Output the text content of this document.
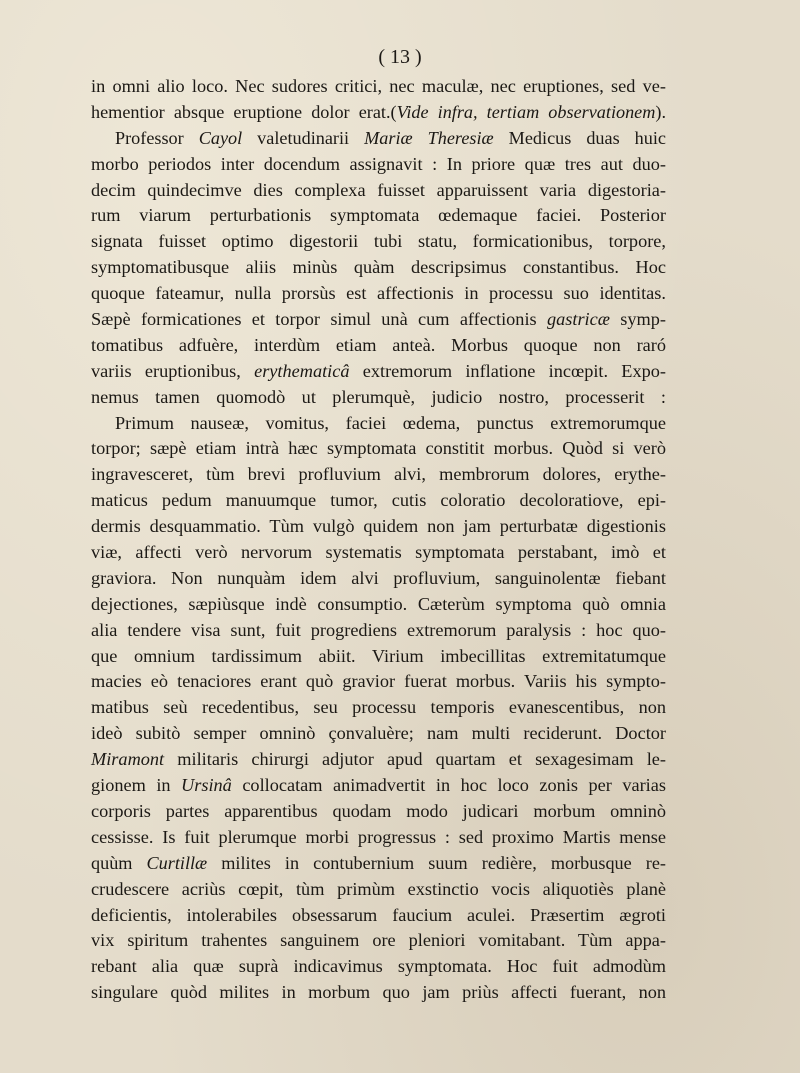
( 13 )
in omni alio loco. Nec sudores critici, nec maculæ, nec eruptiones, sed ve-
hementior absque eruptione dolor erat.(Vide infra, tertiam observationem).
Professor Cayol valetudinarii Mariæ Theresiæ Medicus duas huic
morbo periodos inter docendum assignavit : In priore quæ tres aut duo-
decim quindecimve dies complexa fuisset apparuissent varia digestoria-
rum viarum perturbationis symptomata œdemaque faciei. Posterior
signata fuisset optimo digestorii tubi statu, formicationibus, torpore,
symptomatibusque aliis minùs quàm descripsimus constantibus. Hoc
quoque fateamur, nulla prorsùs est affectionis in processu suo identitas.
Sæpè formicationes et torpor simul unà cum affectionis gastricæ symp-
tomatibus adfuère, interdùm etiam anteà. Morbus quoque non raró
variis eruptionibus, erythematicâ extremorum inflatione incœpit. Expo-
nemus tamen quomodò ut plerumquè, judicio nostro, processerit :
Primum nauseæ, vomitus, faciei œdema, punctus extremorumque
torpor; sæpè etiam intrà hæc symptomata constitit morbus. Quòd si verò
ingravesceret, tùm brevi profluvium alvi, membrorum dolores, erythe-
maticus pedum manuumque tumor, cutis coloratio decoloratiove, epi-
dermis desquammatio. Tùm vulgò quidem non jam perturbatæ digestionis
viæ, affecti verò nervorum systematis symptomata perstabant, imò et
graviora. Non nunquàm idem alvi profluvium, sanguinolentæ fiebant
dejectiones, sæpiùsque indè consumptio. Cæterùm symptoma quò omnia
alia tendere visa sunt, fuit progrediens extremorum paralysis : hoc quo-
que omnium tardissimum abiit. Virium imbecillitas extremitatumque
macies eò tenaciores erant quò gravior fuerat morbus. Variis his sympto-
matibus seù recedentibus, seu processu temporis evanescentibus, non
ideò subitò semper omninò çonvaluère; nam multi reciderunt. Doctor
Miramont militaris chirurgi adjutor apud quartam et sexagesimam le-
gionem in Ursinâ collocatam animadvertit in hoc loco zonis per varias
corporis partes apparentibus quodam modo judicari morbum omninò
cessisse. Is fuit plerumque morbi progressus : sed proximo Martis mense
quùm Curtillæ milites in contubernium suum redière, morbusque re-
crudescere acriùs cœpit, tùm primùm exstinctio vocis aliquotiès planè
deficientis, intolerabiles obsessarum faucium aculei. Præsertim ægroti
vix spiritum trahentes sanguinem ore pleniori vomitabant. Tùm appa-
rebant alia quæ suprà indicavimus symptomata. Hoc fuit admodùm
singulare quòd milites in morbum quo jam priùs affecti fuerant, non
